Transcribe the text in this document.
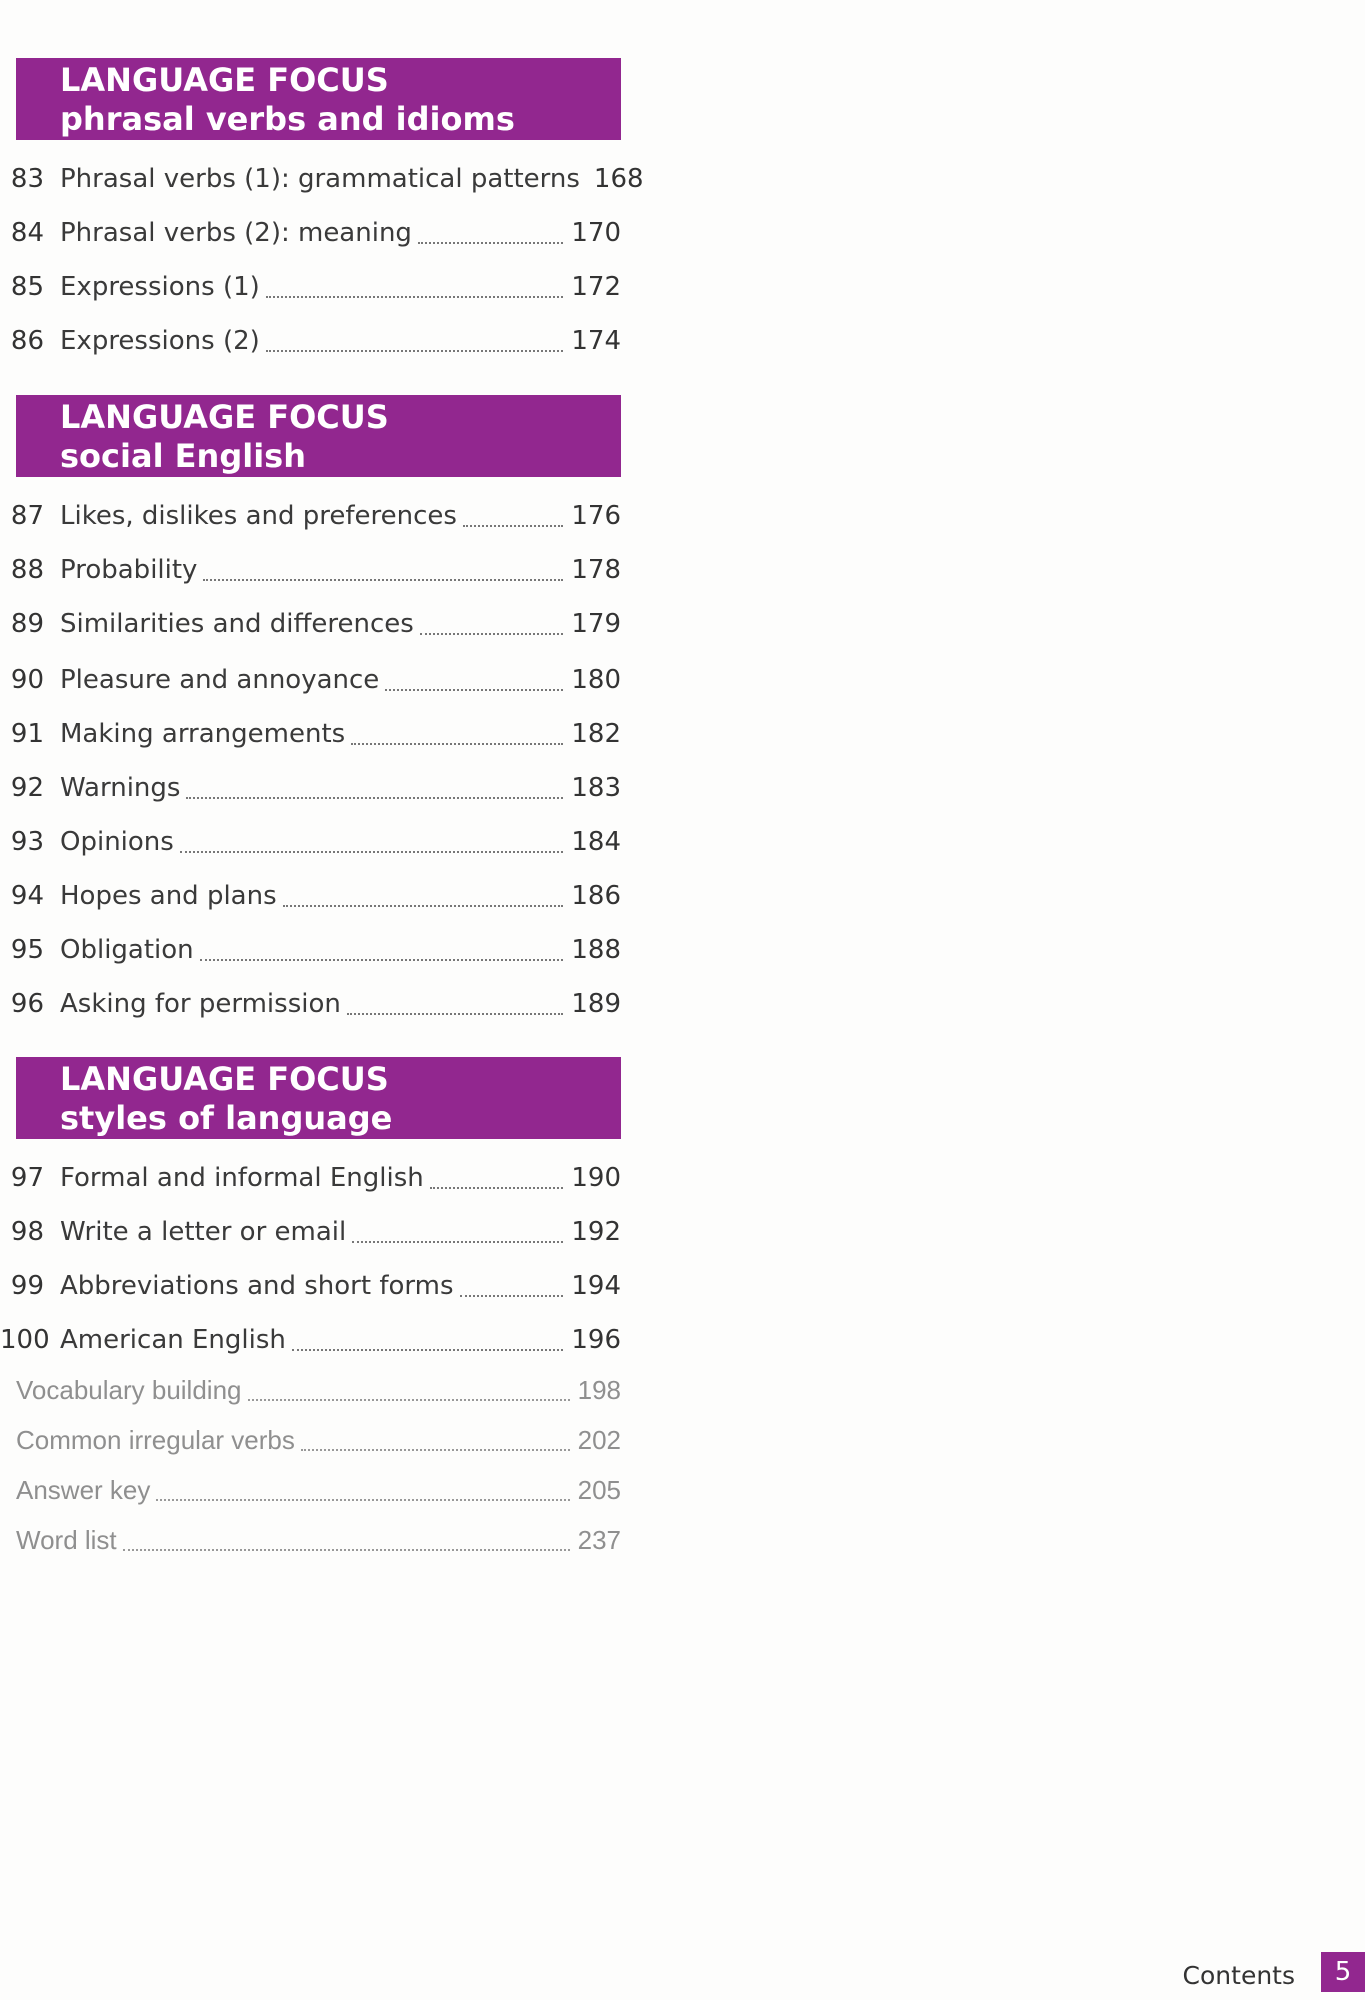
LANGUAGE FOCUS
phrasal verbs and idioms
83 Phrasal verbs (1): grammatical patterns 168
84 Phrasal verbs (2): meaning	170
85 Expressions (1)	172
86 Expressions (2)	174
LANGUAGE FOCUS
social English
87 Likes, dislikes and preferences	176
88 Probability	178
89 Similarities and differences	179
90 Pleasure and annoyance	180
91 Making arrangements	182
92 Warnings	183
93 Opinions	184
94 Hopes and plans	186
95 Obligation	188
96 Asking for permission	189
LANGUAGE FOCUS
styles of language
97 Formal and informal English	190
98 Write a letter or email	192
99 Abbreviations and short forms	194
100 American English	196
Vocabulary building	198
Common irregular verbs	202
Answer key	205
Word list	237
Contents	5
